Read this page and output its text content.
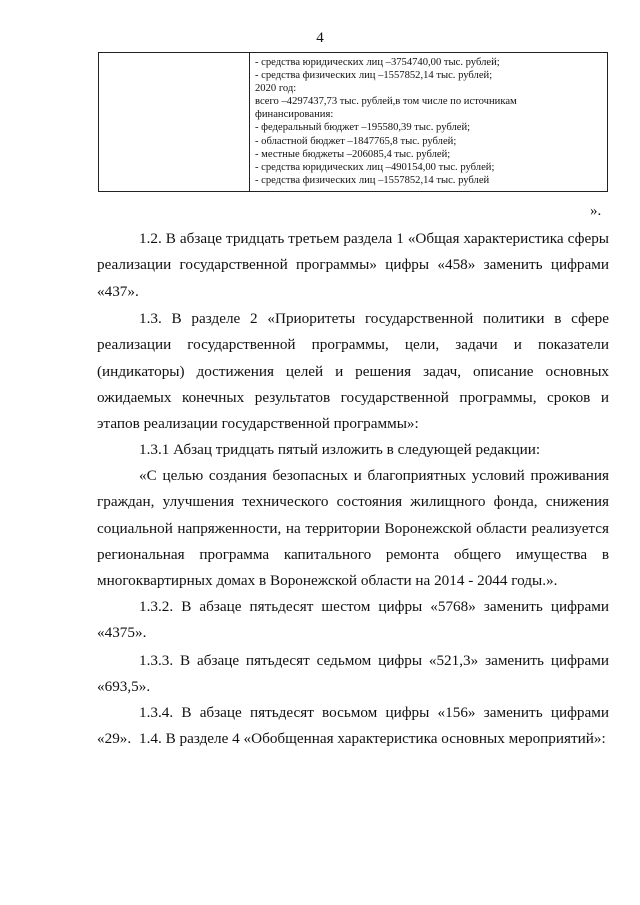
4

- средства юридических лиц –3754740,00 тыс. рублей;
- средства физических лиц –1557852,14 тыс. рублей;
2020 год:
всего –4297437,73 тыс. рублей,в том числе по источникам
финансирования:
- федеральный бюджет –195580,39 тыс. рублей;
- областной бюджет –1847765,8 тыс. рублей;
- местные бюджеты –206085,4 тыс. рублей;
- средства юридических лиц –490154,00 тыс. рублей;
- средства физических лиц –1557852,14 тыс. рублей
».
1.2. В абзаце тридцать третьем раздела 1 «Общая характеристика сферы реализации государственной программы» цифры «458» заменить цифрами «437».
1.3. В разделе 2 «Приоритеты государственной политики в сфере реализации государственной программы, цели, задачи и показатели (индикаторы) достижения целей и решения задач, описание основных ожидаемых конечных результатов государственной программы, сроков и этапов реализации государственной программы»:
1.3.1 Абзац тридцать пятый изложить в следующей редакции:
«С целью создания безопасных и благоприятных условий проживания граждан, улучшения технического состояния жилищного фонда, снижения социальной напряженности, на территории Воронежской области реализуется региональная программа капитального ремонта общего имущества в многоквартирных домах в Воронежской области на 2014 - 2044 годы.».
1.3.2. В абзаце пятьдесят шестом цифры «5768» заменить цифрами «4375».
1.3.3. В абзаце пятьдесят седьмом цифры «521,3» заменить цифрами «693,5».
1.3.4. В абзаце пятьдесят восьмом цифры «156» заменить цифрами «29». 1.4. В разделе 4 «Обобщенная характеристика основных мероприятий»:
